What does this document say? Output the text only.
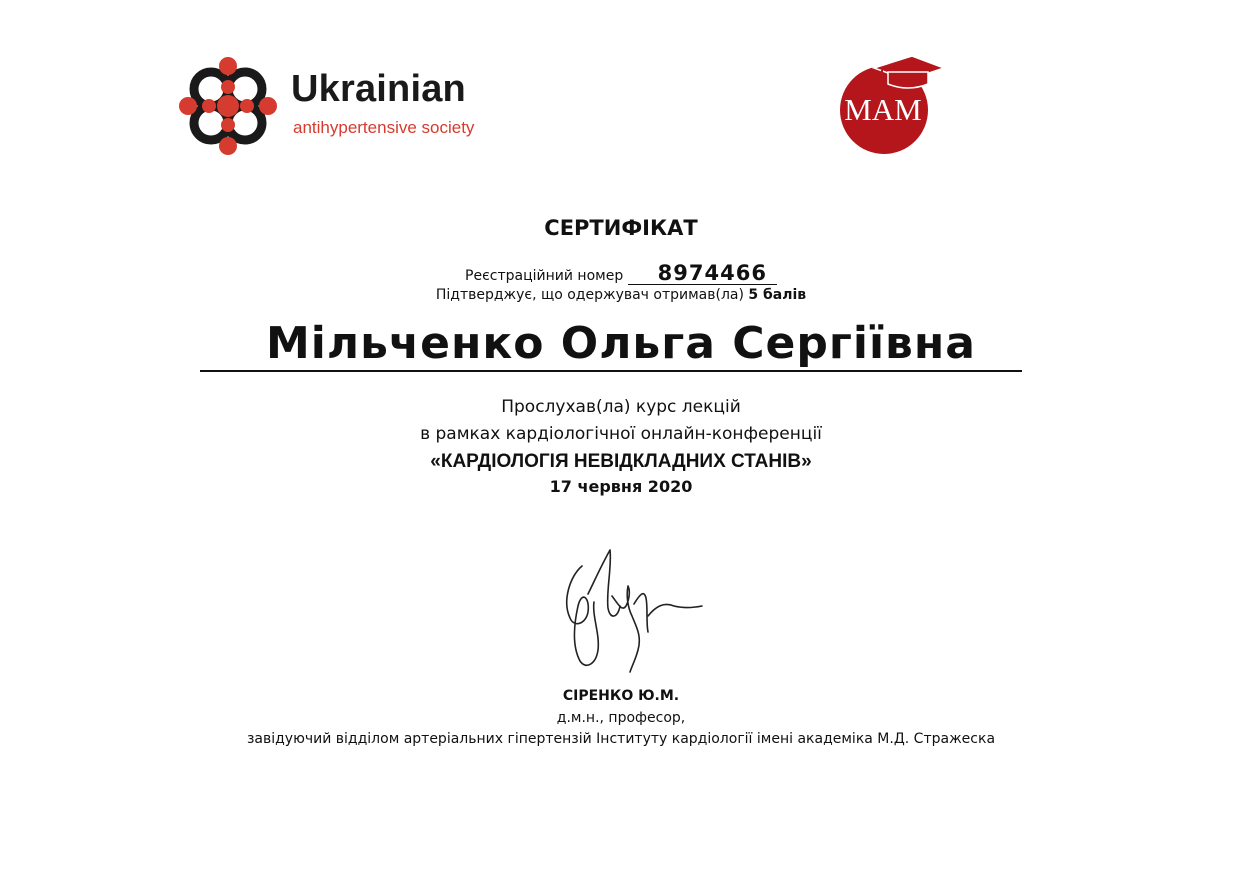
Ukrainian
antihypertensive society
MAM
СЕРТИФІКАТ
Реєстраційний номер 8974466
Підтверджує, що одержувач отримав(ла) 5 балів
Мільченко Ольга Сергіївна
Прослухав(ла) курс лекцій
в рамках кардіологічної онлайн-конференції
«КАРДІОЛОГІЯ НЕВІДКЛАДНИХ СТАНІВ»
17 червня 2020
СІРЕНКО Ю.М.
д.м.н., професор,
завідуючий відділом артеріальних гіпертензій Інституту кардіології імені академіка М.Д. Стражеска
